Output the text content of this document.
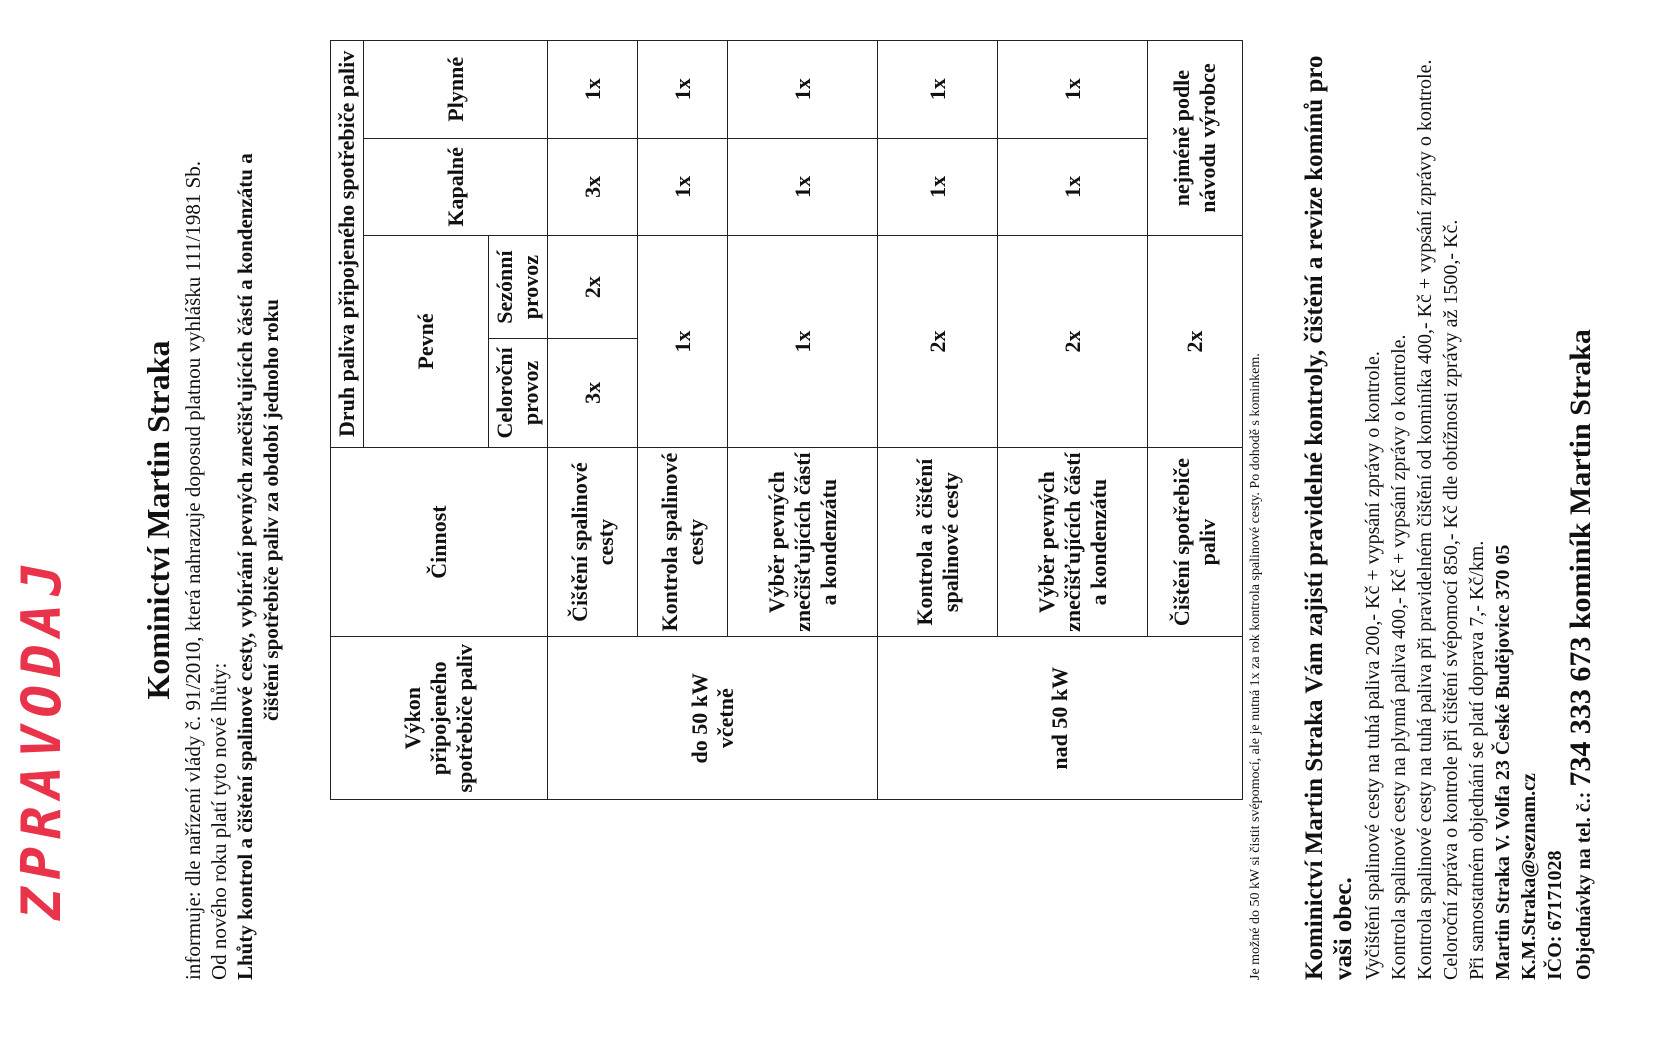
ZPRAVODAJ
Kominictví Martin Straka informuje: dle nařízení vlády č. 91/2010, která nahrazuje doposud platnou vyhlášku 111/1981 Sb. Od nového roku platí tyto nové lhůty: Lhůty kontrol a čištění spalinové cesty, vybírání pevných znečišťujících částí a kondenzátu a čištění spotřebiče paliv za období jednoho roku	Výkon připojeného spotřebiče paliv	Činnost	Druh paliva připojeného spotřebiče paliv			
		Pevné		Kapalné	Plynné
		Celoroční provoz	Sezónní provoz		
do 50 kW včetně	Čištění spalinové cesty	3x	2x	3x	1x
	Kontrola spalinové cesty	1x		1x	1x
	Výběr pevných znečišťujících částí a kondenzátu	1x		1x	1x
nad 50 kW	Kontrola a čištění spalinové cesty	2x		1x	1x
	Výběr pevných znečišťujících částí a kondenzátu	2x		1x	1x
	Čištění spotřebiče paliv	2x		nejméně podle návodu výrobce	
Je možné do 50 kW si čistit svépomocí, ale je nutná 1x za rok kontrola spalinové cesty. Po dohodě s kominkem. Kominictví Martin Straka Vám zajistí pravidelné kontroly, čištění a revize komínů pro vaši obec. Vyčištění spalinové cesty na tuhá paliva 200,- Kč + vypsání zprávy o kontrole. Kontrola spalinové cesty na plynná paliva 400,- Kč + vypsání zprávy o kontrole. Kontrola spalinové cesty na tuhá paliva při pravidelném čištění od kominíka 400,- Kč + vypsání zprávy o kontrole. Celoroční zpráva o kontrole při čištění svépomocí 850,- Kč dle obtížnosti zprávy až 1500,- Kč. Při samostatném objednání se platí doprava 7,- Kč/km. Martin Straka V. Volfa 23 České Budějovice 370 05 K.M.Straka@seznam.cz IČO: 67171028 Objednávky na tel. č.: 734 333 673 kominík Martin Straka
